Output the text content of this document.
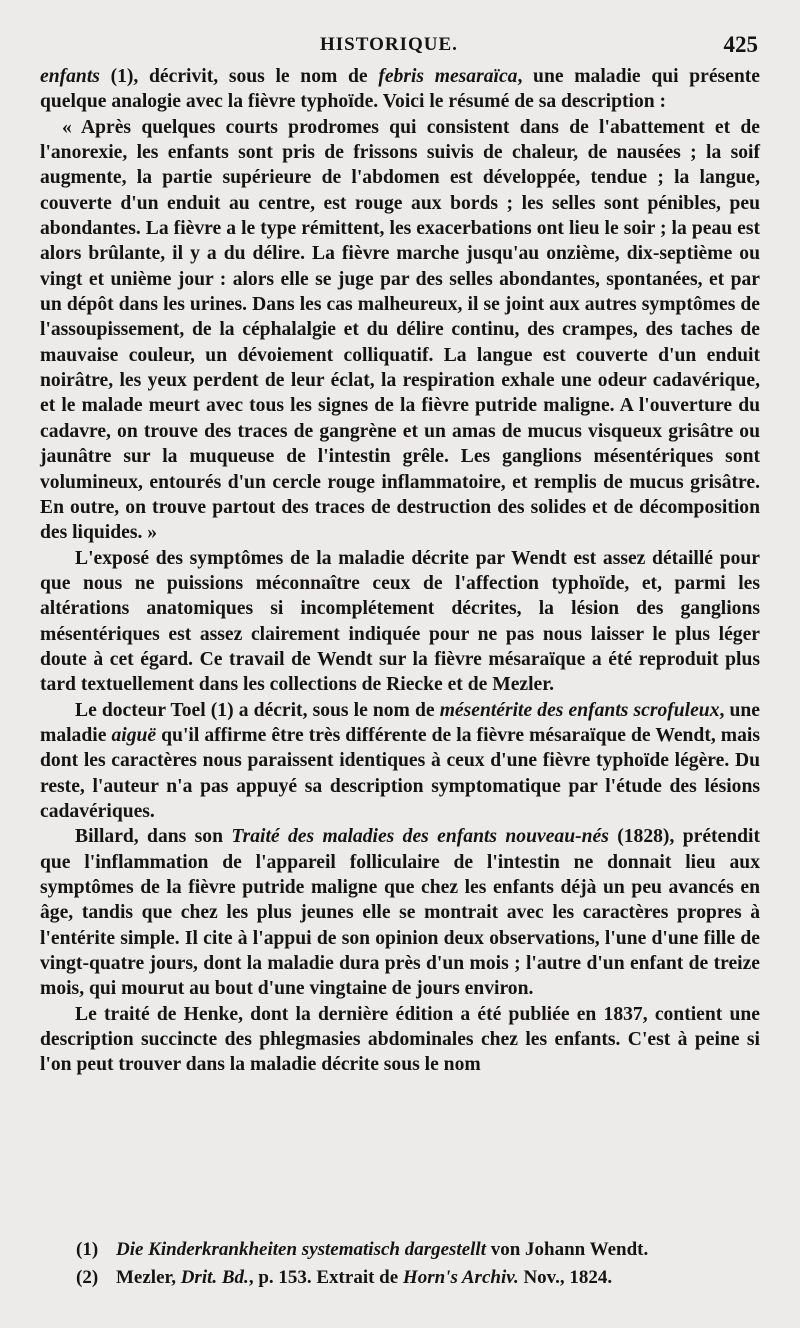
HISTORIQUE.	425

enfants (1), décrivit, sous le nom de febris mesaraïca, une maladie qui présente quelque analogie avec la fièvre typhoïde. Voici le résumé de sa description :

« Après quelques courts prodromes qui consistent dans de l'abattement et de l'anorexie, les enfants sont pris de frissons suivis de chaleur, de nausées ; la soif augmente, la partie supérieure de l'abdomen est développée, tendue ; la langue, couverte d'un enduit au centre, est rouge aux bords ; les selles sont pénibles, peu abondantes. La fièvre a le type rémittent, les exacerbations ont lieu le soir ; la peau est alors brûlante, il y a du délire. La fièvre marche jusqu'au onzième, dix-septième ou vingt et unième jour : alors elle se juge par des selles abondantes, spontanées, et par un dépôt dans les urines. Dans les cas malheureux, il se joint aux autres symptômes de l'assoupissement, de la céphalalgie et du délire continu, des crampes, des taches de mauvaise couleur, un dévoiement colliquatif. La langue est couverte d'un enduit noirâtre, les yeux perdent de leur éclat, la respiration exhale une odeur cadavérique, et le malade meurt avec tous les signes de la fièvre putride maligne. A l'ouverture du cadavre, on trouve des traces de gangrène et un amas de mucus visqueux grisâtre ou jaunâtre sur la muqueuse de l'intestin grêle. Les ganglions mésentériques sont volumineux, entourés d'un cercle rouge inflammatoire, et remplis de mucus grisâtre. En outre, on trouve partout des traces de destruction des solides et de décomposition des liquides. »

L'exposé des symptômes de la maladie décrite par Wendt est assez détaillé pour que nous ne puissions méconnaître ceux de l'affection typhoïde, et, parmi les altérations anatomiques si incomplétement décrites, la lésion des ganglions mésentériques est assez clairement indiquée pour ne pas nous laisser le plus léger doute à cet égard. Ce travail de Wendt sur la fièvre mésaraïque a été reproduit plus tard textuellement dans les collections de Riecke et de Mezler.

Le docteur Toel (1) a décrit, sous le nom de mésentérite des enfants scrofuleux, une maladie aiguë qu'il affirme être très différente de la fièvre mésaraïque de Wendt, mais dont les caractères nous paraissent identiques à ceux d'une fièvre typhoïde légère. Du reste, l'auteur n'a pas appuyé sa description symptomatique par l'étude des lésions cadavériques.

Billard, dans son Traité des maladies des enfants nouveau-nés (1828), prétendit que l'inflammation de l'appareil folliculaire de l'intestin ne donnait lieu aux symptômes de la fièvre putride maligne que chez les enfants déjà un peu avancés en âge, tandis que chez les plus jeunes elle se montrait avec les caractères propres à l'entérite simple. Il cite à l'appui de son opinion deux observations, l'une d'une fille de vingt-quatre jours, dont la maladie dura près d'un mois ; l'autre d'un enfant de treize mois, qui mourut au bout d'une vingtaine de jours environ.

Le traité de Henke, dont la dernière édition a été publiée en 1837, contient une description succincte des phlegmasies abdominales chez les enfants. C'est à peine si l'on peut trouver dans la maladie décrite sous le nom

(1) Die Kinderkrankheiten systematisch dargestellt von Johann Wendt.

(2) Mezler, Drit. Bd., p. 153. Extrait de Horn's Archiv. Nov., 1824.
